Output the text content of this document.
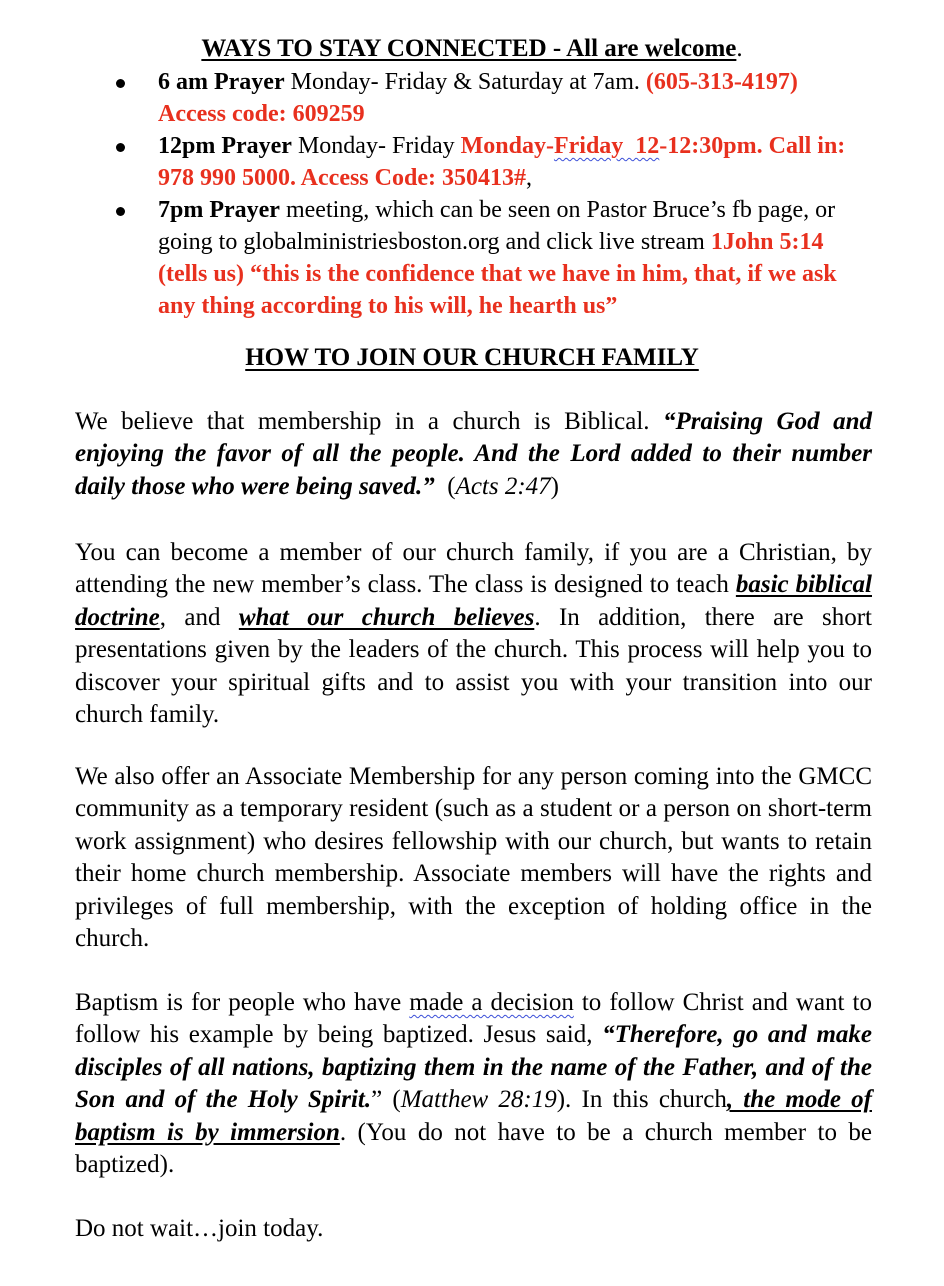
WAYS TO STAY CONNECTED - All are welcome.

6 am Prayer Monday- Friday & Saturday at 7am. (605-313-4197) Access code: 609259

12pm Prayer Monday- Friday Monday-Friday  12-12:30pm. Call in: 978 990 5000. Access Code: 350413#,

7pm Prayer meeting, which can be seen on Pastor Bruce’s fb page, or going to globalministriesboston.org and click live stream 1John 5:14 (tells us) “this is the confidence that we have in him, that, if we ask any thing according to his will, he hearth us”

HOW TO JOIN OUR CHURCH FAMILY

We believe that membership in a church is Biblical. “Praising God and enjoying the favor of all the people. And the Lord added to their number daily those who were being saved.”  (Acts 2:47)

You can become a member of our church family, if you are a Christian, by attending the new member’s class. The class is designed to teach basic biblical doctrine, and what our church believes. In addition, there are short presentations given by the leaders of the church. This process will help you to discover your spiritual gifts and to assist you with your transition into our church family.

We also offer an Associate Membership for any person coming into the GMCC community as a temporary resident (such as a student or a person on short-term work assignment) who desires fellowship with our church, but wants to retain their home church membership. Associate members will have the rights and privileges of full membership, with the exception of holding office in the church.

Baptism is for people who have made a decision to follow Christ and want to follow his example by being baptized. Jesus said, “Therefore, go and make disciples of all nations, baptizing them in the name of the Father, and of the Son and of the Holy Spirit.” (Matthew 28:19). In this church, the mode of baptism is by immersion. (You do not have to be a church member to be baptized).

Do not wait…join today.
